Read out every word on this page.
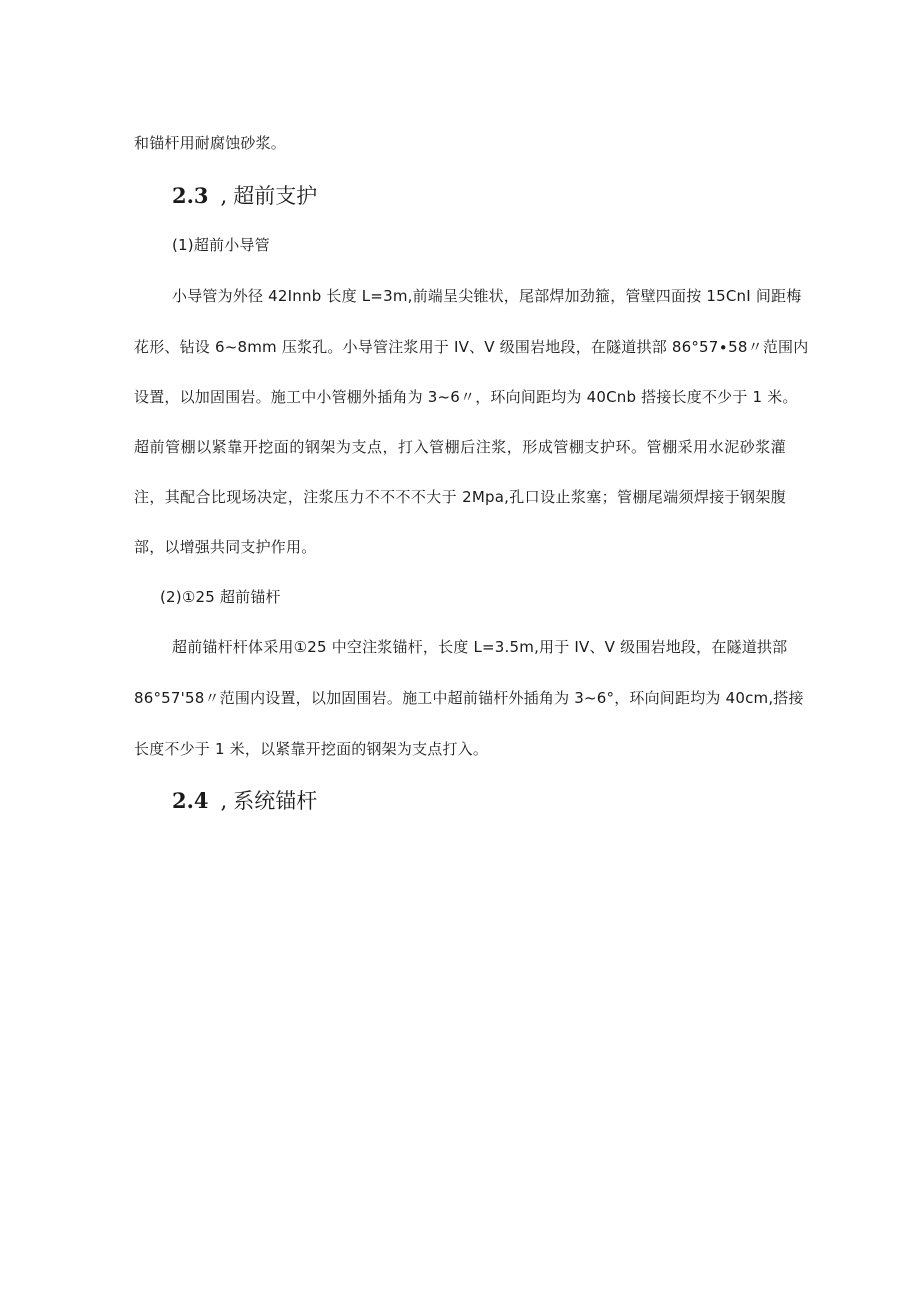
和锚杆用耐腐蚀砂浆。
2.3 , 超前支护
(1)超前小导管
小导管为外径 42Innb 长度 L=3m,前端呈尖锥状，尾部焊加劲箍，管壁四面按 15CnI 间距梅
花形、钻设 6~8mm 压浆孔。小导管注浆用于 IV、V 级围岩地段，在隧道拱部 86°57∙58〃范围内
设置，以加固围岩。施工中小管棚外插角为 3~6〃，环向间距均为 40Cnb 搭接长度不少于 1 米。
超前管棚以紧靠开挖面的钢架为支点，打入管棚后注浆，形成管棚支护环。管棚采用水泥砂浆灌
注，其配合比现场决定，注浆压力不不不不大于 2Mpa,孔口设止浆塞；管棚尾端须焊接于钢架腹
部，以增强共同支护作用。
(2)①25 超前锚杆
超前锚杆杆体采用①25 中空注浆锚杆，长度 L=3.5m,用于 IV、V 级围岩地段，在隧道拱部
86°57'58〃范围内设置，以加固围岩。施工中超前锚杆外插角为 3~6°，环向间距均为 40cm,搭接
长度不少于 1 米，以紧靠开挖面的钢架为支点打入。
2.4 , 系统锚杆
